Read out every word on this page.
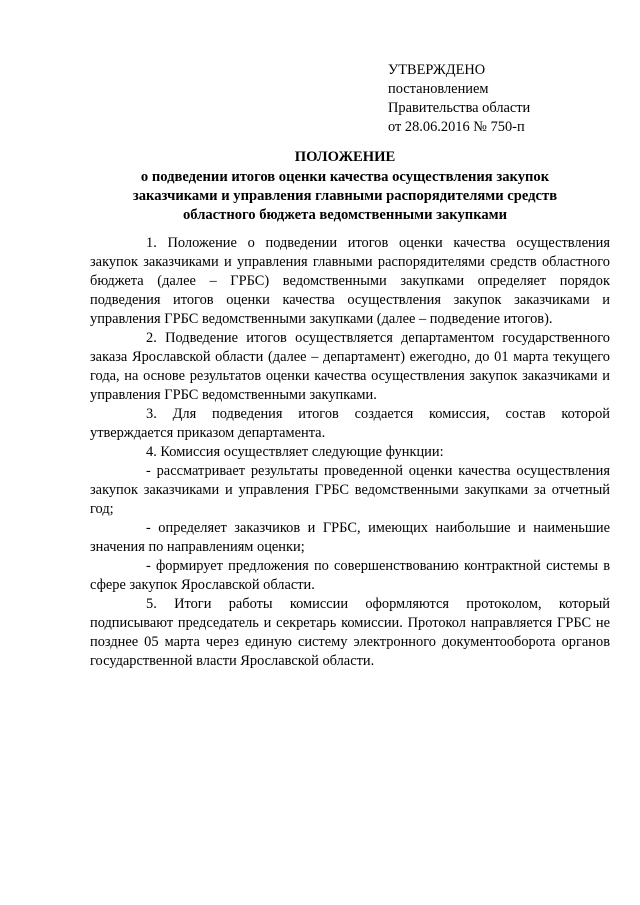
УТВЕРЖДЕНО
постановлением
Правительства области
от 28.06.2016 № 750-п
ПОЛОЖЕНИЕ
о подведении итогов оценки качества осуществления закупок
заказчиками и управления главными распорядителями средств
областного бюджета ведомственными закупками

1. Положение о подведении итогов оценки качества осуществления закупок заказчиками и управления главными распорядителями средств областного бюджета (далее – ГРБС) ведомственными закупками определяет порядок подведения итогов оценки качества осуществления закупок заказчиками и управления ГРБС ведомственными закупками (далее – подведение итогов).

2. Подведение итогов осуществляется департаментом государственного заказа Ярославской области (далее – департамент) ежегодно, до 01 марта текущего года, на основе результатов оценки качества осуществления закупок заказчиками и управления ГРБС ведомственными закупками.

3. Для подведения итогов создается комиссия, состав которой утверждается приказом департамента.

4. Комиссия осуществляет следующие функции:

- рассматривает результаты проведенной оценки качества осуществления закупок заказчиками и управления ГРБС ведомственными закупками за отчетный год;

- определяет заказчиков и ГРБС, имеющих наибольшие и наименьшие значения по направлениям оценки;

- формирует предложения по совершенствованию контрактной системы в сфере закупок Ярославской области.

5. Итоги работы комиссии оформляются протоколом, который подписывают председатель и секретарь комиссии. Протокол направляется ГРБС не позднее 05 марта через единую систему электронного документооборота органов государственной власти Ярославской области.
